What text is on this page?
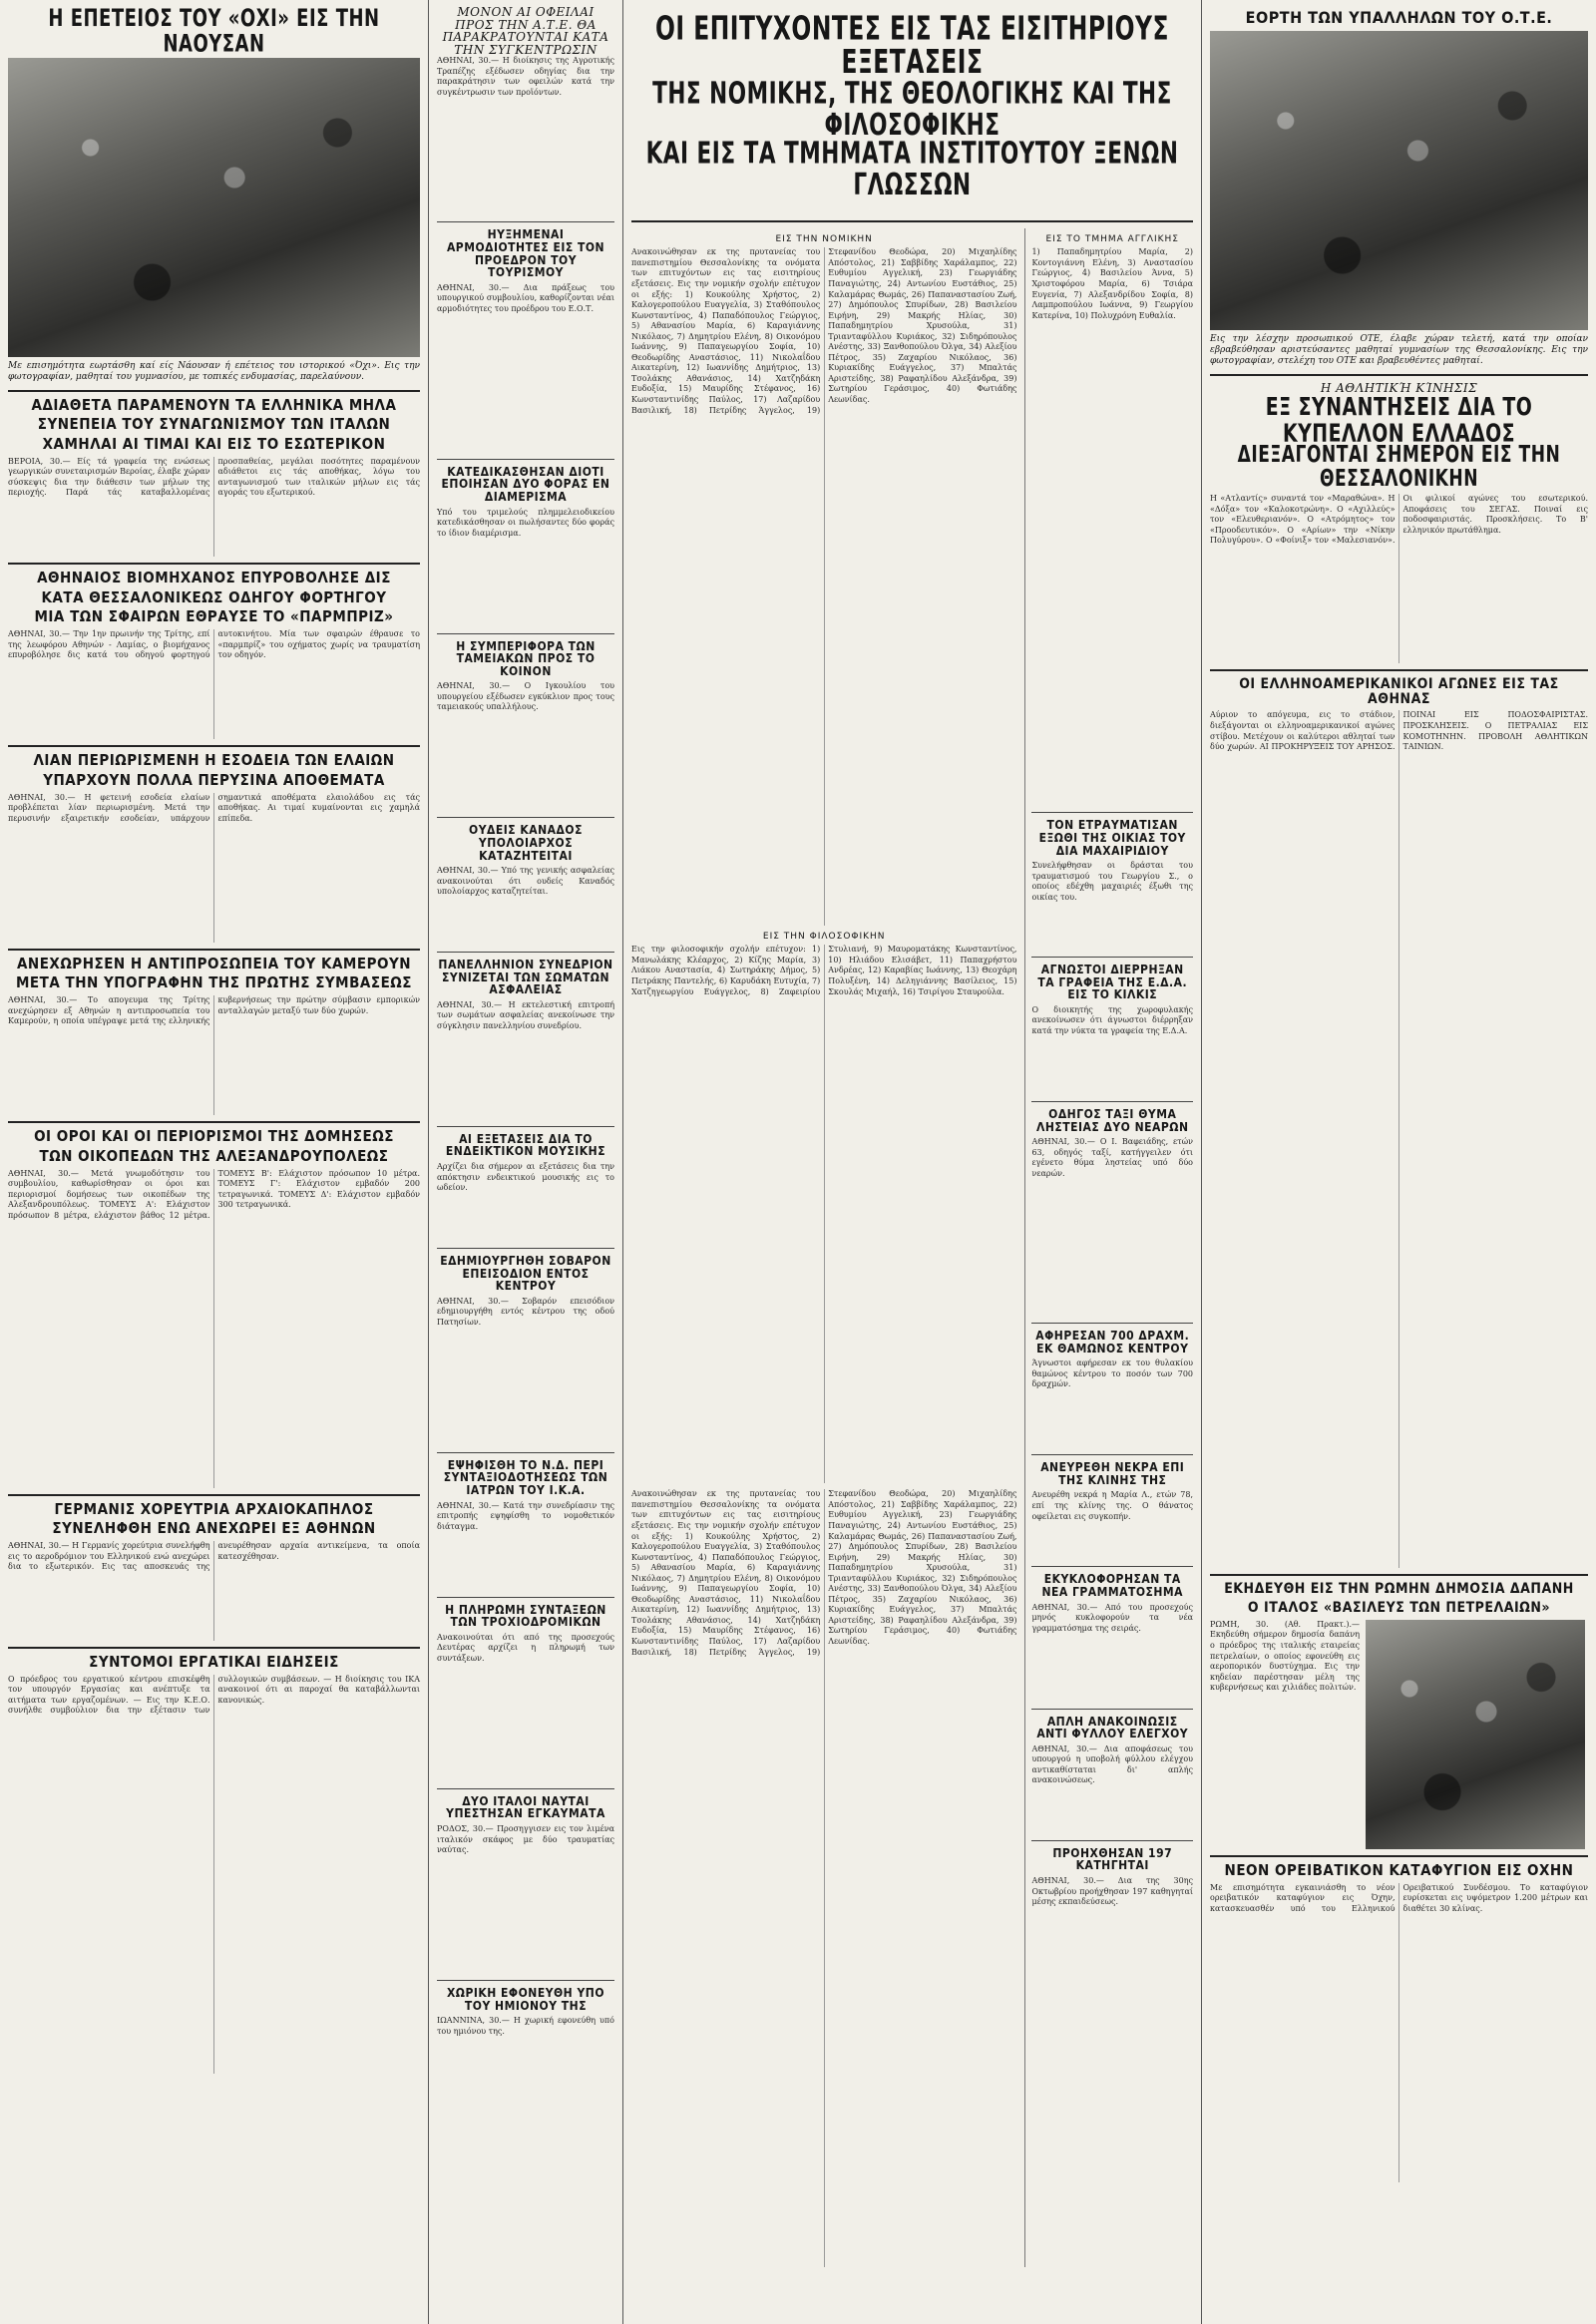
Η ΕΠΕΤΕΙΟΣ ΤΟΥ «ΟΧΙ» ΕΙΣ ΤΗΝ ΝΑΟΥΣΑΝ
Με επισημότητα εωρτάσθη καί είς Νάουσαν ή επέτειος του ιστορικού «Όχι». Εις την φωτογραφίαν, μαθηταί του γυμνασίου, με τοπικές ενδυμασίας, παρελαύνουν.
ΑΔΙΑΘΕΤΑ ΠΑΡΑΜΕΝΟΥΝ ΤΑ ΕΛΛΗΝΙΚΑ ΜΗΛΑ
ΣΥΝΕΠΕΙΑ ΤΟΥ ΣΥΝΑΓΩΝΙΣΜΟΥ ΤΩΝ ΙΤΑΛΩΝ
ΧΑΜΗΛΑΙ ΑΙ ΤΙΜΑΙ ΚΑΙ ΕΙΣ ΤΟ ΕΣΩΤΕΡΙΚΟΝ
ΒΕΡΟΙΑ, 30.— Είς τά γραφεία της ενώσεως γεωργικών συνεταιρισμών Βεροίας, έλαβε χώραν σύσκεψις δια την διάθεσιν των μήλων της περιοχής. Παρά τάς καταβαλλομένας προσπαθείας, μεγάλαι ποσότητες παραμένουν αδιάθετοι εις τάς αποθήκας, λόγω του ανταγωνισμού των ιταλικών μήλων εις τάς αγοράς του εξωτερικού.
ΑΘΗΝΑΙΟΣ ΒΙΟΜΗΧΑΝΟΣ ΕΠΥΡΟΒΟΛΗΣΕ ΔΙΣ
ΚΑΤΑ ΘΕΣΣΑΛΟΝΙΚΕΩΣ ΟΔΗΓΟΥ ΦΟΡΤΗΓΟΥ
ΜΙΑ ΤΩΝ ΣΦΑΙΡΩΝ ΕΘΡΑΥΣΕ ΤΟ «ΠΑΡΜΠΡΙΖ»
ΑΘΗΝΑΙ, 30.— Την 1ην πρωινήν της Τρίτης, επί της λεωφόρου Αθηνών - Λαμίας, ο βιομήχανος επυροβόλησε δις κατά του οδηγού φορτηγού αυτοκινήτου. Μία των σφαιρών έθραυσε το «παρμπρίζ» του οχήματος χωρίς να τραυματίση τον οδηγόν.
ΛΙΑΝ ΠΕΡΙΩΡΙΣΜΕΝΗ Η ΕΣΟΔΕΙΑ ΤΩΝ ΕΛΑΙΩΝ
ΥΠΑΡΧΟΥΝ ΠΟΛΛΑ ΠΕΡΥΣΙΝΑ ΑΠΟΘΕΜΑΤΑ
ΑΘΗΝΑΙ, 30.— Η φετεινή εσοδεία ελαίων προβλέπεται λίαν περιωρισμένη. Μετά την περυσινήν εξαιρετικήν εσοδείαν, υπάρχουν σημαντικά αποθέματα ελαιολάδου εις τάς αποθήκας. Αι τιμαί κυμαίνονται εις χαμηλά επίπεδα.
ΑΝΕΧΩΡΗΣΕΝ Η ΑΝΤΙΠΡΟΣΩΠΕΙΑ ΤΟΥ ΚΑΜΕΡΟΥΝ
ΜΕΤΑ ΤΗΝ ΥΠΟΓΡΑΦΗΝ ΤΗΣ ΠΡΩΤΗΣ ΣΥΜΒΑΣΕΩΣ
ΑΘΗΝΑΙ, 30.— Το απογευμα της Τρίτης ανεχώρησεν εξ Αθηνών η αντιπροσωπεία του Καμερούν, η οποία υπέγραψε μετά της ελληνικής κυβερνήσεως την πρώτην σύμβασιν εμπορικών ανταλλαγών μεταξύ των δύο χωρών.
ΟΙ ΟΡΟΙ ΚΑΙ ΟΙ ΠΕΡΙΟΡΙΣΜΟΙ ΤΗΣ ΔΟΜΗΣΕΩΣ
ΤΩΝ ΟΙΚΟΠΕΔΩΝ ΤΗΣ ΑΛΕΞΑΝΔΡΟΥΠΟΛΕΩΣ
ΑΘΗΝΑΙ, 30.— Μετά γνωμοδότησιν του συμβουλίου, καθωρίσθησαν οι όροι και περιορισμοί δομήσεως των οικοπέδων της Αλεξανδρουπόλεως. ΤΟΜΕΥΣ Α': Ελάχιστον πρόσωπον 8 μέτρα, ελάχιστον βάθος 12 μέτρα. ΤΟΜΕΥΣ Β': Ελάχιστον πρόσωπον 10 μέτρα. ΤΟΜΕΥΣ Γ': Ελάχιστον εμβαδόν 200 τετραγωνικά. ΤΟΜΕΥΣ Δ': Ελάχιστον εμβαδόν 300 τετραγωνικά.
ΓΕΡΜΑΝΙΣ ΧΟΡΕΥΤΡΙΑ ΑΡΧΑΙΟΚΑΠΗΛΟΣ
ΣΥΝΕΛΗΦΘΗ ΕΝΩ ΑΝΕΧΩΡΕΙ ΕΞ ΑΘΗΝΩΝ
ΑΘΗΝΑΙ, 30.— Η Γερμανίς χορεύτρια συνελήφθη εις το αεροδρόμιον του Ελληνικού ενώ ανεχώρει δια το εξωτερικόν. Εις τας αποσκευάς της ανευρέθησαν αρχαία αντικείμενα, τα οποία κατεσχέθησαν.
ΣΥΝΤΟΜΟΙ ΕΡΓΑΤΙΚΑΙ ΕΙΔΗΣΕΙΣ
Ο πρόεδρος του εργατικού κέντρου επισκέφθη τον υπουργόν Εργασίας και ανέπτυξε τα αιτήματα των εργαζομένων. — Εις την Κ.Ε.Ο. συνήλθε συμβούλιον δια την εξέτασιν των συλλογικών συμβάσεων. — Η διοίκησις του ΙΚΑ ανακοινοί ότι αι παροχαί θα καταβάλλωνται κανονικώς.
ΜΟΝΟΝ ΑΙ ΟΦΕΙΛΑΙ ΠΡΟΣ ΤΗΝ Α.Τ.Ε. ΘΑ ΠΑΡΑΚΡΑΤΟΥΝΤΑΙ ΚΑΤΑ ΤΗΝ ΣΥΓΚΕΝΤΡΩΣΙΝ
ΑΘΗΝΑΙ, 30.— Η διοίκησις της Αγροτικής Τραπέζης εξέδωσεν οδηγίας δια την παρακράτησιν των οφειλών κατά την συγκέντρωσιν των προϊόντων.
ΗΥΞΗΜΕΝΑΙ ΑΡΜΟΔΙΟΤΗΤΕΣ ΕΙΣ ΤΟΝ ΠΡΟΕΔΡΟΝ ΤΟΥ ΤΟΥΡΙΣΜΟΥ
ΑΘΗΝΑΙ, 30.— Δια πράξεως του υπουργικού συμβουλίου, καθορίζονται νέαι αρμοδιότητες του προέδρου του Ε.Ο.Τ.
ΚΑΤΕΔΙΚΑΣΘΗΣΑΝ ΔΙΟΤΙ ΕΠΟΙΗΣΑΝ ΔΥΟ ΦΟΡΑΣ ΕΝ ΔΙΑΜΕΡΙΣΜΑ
Υπό του τριμελούς πλημμελειοδικείου κατεδικάσθησαν οι πωλήσαντες δύο φοράς το ίδιον διαμέρισμα.
Η ΣΥΜΠΕΡΙΦΟΡΑ ΤΩΝ ΤΑΜΕΙΑΚΩΝ ΠΡΟΣ ΤΟ ΚΟΙΝΟΝ
ΑΘΗΝΑΙ, 30.— Ο Ιγκουλίου του υπουργείου εξέδωσεν εγκύκλιον προς τους ταμειακούς υπαλλήλους.
ΟΥΔΕΙΣ ΚΑΝΑΔΟΣ ΥΠΟΛΟΙΑΡΧΟΣ ΚΑΤΑΖΗΤΕΙΤΑΙ
ΑΘΗΝΑΙ, 30.— Υπό της γενικής ασφαλείας ανακοινούται ότι ουδείς Καναδός υπολοίαρχος καταζητείται.
ΠΑΝΕΛΛΗΝΙΟΝ ΣΥΝΕΔΡΙΟΝ ΣΥΝΙΖΕΤΑΙ ΤΩΝ ΣΩΜΑΤΩΝ ΑΣΦΑΛΕΙΑΣ
ΑΘΗΝΑΙ, 30.— Η εκτελεστική επιτροπή των σωμάτων ασφαλείας ανεκοίνωσε την σύγκλησιν πανελληνίου συνεδρίου.
ΑΙ ΕΞΕΤΑΣΕΙΣ ΔΙΑ ΤΟ ΕΝΔΕΙΚΤΙΚΟΝ ΜΟΥΣΙΚΗΣ
Αρχίζει δια σήμερον αι εξετάσεις δια την απόκτησιν ενδεικτικού μουσικής εις το ωδείον.
ΕΔΗΜΙΟΥΡΓΗΘΗ ΣΟΒΑΡΟΝ ΕΠΕΙΣΟΔΙΟΝ ΕΝΤΟΣ ΚΕΝΤΡΟΥ
ΑΘΗΝΑΙ, 30.— Σοβαρόν επεισόδιον εδημιουργήθη εντός κέντρου της οδού Πατησίων.
ΕΨΗΦΙΣΘΗ ΤΟ Ν.Δ. ΠΕΡΙ ΣΥΝΤΑΞΙΟΔΟΤΗΣΕΩΣ ΤΩΝ ΙΑΤΡΩΝ ΤΟΥ Ι.Κ.Α.
ΑΘΗΝΑΙ, 30.— Κατά την συνεδρίασιν της επιτροπής εψηφίσθη το νομοθετικόν διάταγμα.
Η ΠΛΗΡΩΜΗ ΣΥΝΤΑΞΕΩΝ ΤΩΝ ΤΡΟΧΙΟΔΡΟΜΙΚΩΝ
Ανακοινούται ότι από της προσεχούς Δευτέρας αρχίζει η πληρωμή των συντάξεων.
ΔΥΟ ΙΤΑΛΟΙ ΝΑΥΤΑΙ ΥΠΕΣΤΗΣΑΝ ΕΓΚΑΥΜΑΤΑ
ΡΟΔΟΣ, 30.— Προσηγγισεν εις τον λιμένα ιταλικόν σκάφος με δύο τραυματίας ναύτας.
ΧΩΡΙΚΗ ΕΦΟΝΕΥΘΗ ΥΠΟ ΤΟΥ ΗΜΙΟΝΟΥ ΤΗΣ
ΙΩΑΝΝΙΝΑ, 30.— Η χωρική εφονεύθη υπό του ημιόνου της.
ΟΙ ΕΠΙΤΥΧΟΝΤΕΣ ΕΙΣ ΤΑΣ ΕΙΣΙΤΗΡΙΟΥΣ ΕΞΕΤΑΣΕΙΣ
ΤΗΣ ΝΟΜΙΚΗΣ, ΤΗΣ ΘΕΟΛΟΓΙΚΗΣ ΚΑΙ ΤΗΣ ΦΙΛΟΣΟΦΙΚΗΣ
ΚΑΙ ΕΙΣ ΤΑ ΤΜΗΜΑΤΑ ΙΝΣΤΙΤΟΥΤΟΥ ΞΕΝΩΝ ΓΛΩΣΣΩΝ
ΕΙΣ ΤΗΝ ΝΟΜΙΚΗΝ
Ανακοινώθησαν εκ της πρυτανείας του πανεπιστημίου Θεσσαλονίκης τα ονόματα των επιτυχόντων εις τας εισιτηρίους εξετάσεις. Εις την νομικήν σχολήν επέτυχον οι εξής: 1) Κουκούλης Χρήστος, 2) Καλογεροπούλου Ευαγγελία, 3) Σταθόπουλος Κωνσταντίνος, 4) Παπαδόπουλος Γεώργιος, 5) Αθανασίου Μαρία, 6) Καραγιάννης Νικόλαος, 7) Δημητρίου Ελένη, 8) Οικονόμου Ιωάννης, 9) Παπαγεωργίου Σοφία, 10) Θεοδωρίδης Αναστάσιος, 11) Νικολαΐδου Αικατερίνη, 12) Ιωαννίδης Δημήτριος, 13) Τσολάκης Αθανάσιος, 14) Χατζηδάκη Ευδοξία, 15) Μαυρίδης Στέφανος, 16) Κωνσταντινίδης Παύλος, 17) Λαζαρίδου Βασιλική, 18) Πετρίδης Άγγελος, 19) Στεφανίδου Θεοδώρα, 20) Μιχαηλίδης Απόστολος, 21) Σαββίδης Χαράλαμπος, 22) Ευθυμίου Αγγελική, 23) Γεωργιάδης Παναγιώτης, 24) Αντωνίου Ευστάθιος, 25) Καλαμάρας Θωμάς, 26) Παπαναστασίου Ζωή, 27) Δημόπουλος Σπυρίδων, 28) Βασιλείου Ειρήνη, 29) Μακρής Ηλίας, 30) Παπαδημητρίου Χρυσούλα, 31) Τριανταφύλλου Κυριάκος, 32) Σιδηρόπουλος Ανέστης, 33) Ξανθοπούλου Όλγα, 34) Αλεξίου Πέτρος, 35) Ζαχαρίου Νικόλαος, 36) Κυριακίδης Ευάγγελος, 37) Μπαλτάς Αριστείδης, 38) Ραφαηλίδου Αλεξάνδρα, 39) Σωτηρίου Γεράσιμος, 40) Φωτιάδης Λεωνίδας.
ΕΙΣ ΤΗΝ ΦΙΛΟΣΟΦΙΚΗΝ
Εις την φιλοσοφικήν σχολήν επέτυχον: 1) Μανωλάκης Κλέαρχος, 2) Κίζης Μαρία, 3) Λιάκου Αναστασία, 4) Σωτηράκης Δήμος, 5) Πετράκης Παντελής, 6) Καρυδάκη Ευτυχία, 7) Χατζηγεωργίου Ευάγγελος, 8) Ζαφειρίου Στυλιανή, 9) Μαυροματάκης Κωνσταντίνος, 10) Ηλιάδου Ελισάβετ, 11) Παπαχρήστου Ανδρέας, 12) Καραβίας Ιωάννης, 13) Θεοχάρη Πολυξένη, 14) Δεληγιάννης Βασίλειος, 15) Σκουλάς Μιχαήλ, 16) Τσιρίγου Σταυρούλα.
Ανακοινώθησαν εκ της πρυτανείας του πανεπιστημίου Θεσσαλονίκης τα ονόματα των επιτυχόντων εις τας εισιτηρίους εξετάσεις. Εις την νομικήν σχολήν επέτυχον οι εξής: 1) Κουκούλης Χρήστος, 2) Καλογεροπούλου Ευαγγελία, 3) Σταθόπουλος Κωνσταντίνος, 4) Παπαδόπουλος Γεώργιος, 5) Αθανασίου Μαρία, 6) Καραγιάννης Νικόλαος, 7) Δημητρίου Ελένη, 8) Οικονόμου Ιωάννης, 9) Παπαγεωργίου Σοφία, 10) Θεοδωρίδης Αναστάσιος, 11) Νικολαΐδου Αικατερίνη, 12) Ιωαννίδης Δημήτριος, 13) Τσολάκης Αθανάσιος, 14) Χατζηδάκη Ευδοξία, 15) Μαυρίδης Στέφανος, 16) Κωνσταντινίδης Παύλος, 17) Λαζαρίδου Βασιλική, 18) Πετρίδης Άγγελος, 19) Στεφανίδου Θεοδώρα, 20) Μιχαηλίδης Απόστολος, 21) Σαββίδης Χαράλαμπος, 22) Ευθυμίου Αγγελική, 23) Γεωργιάδης Παναγιώτης, 24) Αντωνίου Ευστάθιος, 25) Καλαμάρας Θωμάς, 26) Παπαναστασίου Ζωή, 27) Δημόπουλος Σπυρίδων, 28) Βασιλείου Ειρήνη, 29) Μακρής Ηλίας, 30) Παπαδημητρίου Χρυσούλα, 31) Τριανταφύλλου Κυριάκος, 32) Σιδηρόπουλος Ανέστης, 33) Ξανθοπούλου Όλγα, 34) Αλεξίου Πέτρος, 35) Ζαχαρίου Νικόλαος, 36) Κυριακίδης Ευάγγελος, 37) Μπαλτάς Αριστείδης, 38) Ραφαηλίδου Αλεξάνδρα, 39) Σωτηρίου Γεράσιμος, 40) Φωτιάδης Λεωνίδας.
ΕΙΣ ΤΟ ΤΜΗΜΑ ΑΓΓΛΙΚΗΣ
1) Παπαδημητρίου Μαρία, 2) Κοντογιάννη Ελένη, 3) Αναστασίου Γεώργιος, 4) Βασιλείου Άννα, 5) Χριστοφόρου Μαρία, 6) Τσιάρα Ευγενία, 7) Αλεξανδρίδου Σοφία, 8) Λαμπροπούλου Ιωάννα, 9) Γεωργίου Κατερίνα, 10) Πολυχρόνη Ευθαλία.
ΤΟΝ ΕΤΡΑΥΜΑΤΙΣΑΝ ΕΞΩΘΙ ΤΗΣ ΟΙΚΙΑΣ ΤΟΥ ΔΙΑ ΜΑΧΑΙΡΙΔΙΟΥ
Συνελήφθησαν οι δράσται του τραυματισμού του Γεωργίου Σ., ο οποίος εδέχθη μαχαιριές έξωθι της οικίας του.
ΑΓΝΩΣΤΟΙ ΔΙΕΡΡΗΞΑΝ ΤΑ ΓΡΑΦΕΙΑ ΤΗΣ Ε.Δ.Α. ΕΙΣ ΤΟ ΚΙΛΚΙΣ
Ο διοικητής της χωροφυλακής ανεκοίνωσεν ότι άγνωστοι διέρρηξαν κατά την νύκτα τα γραφεία της Ε.Δ.Α.
ΟΔΗΓΟΣ ΤΑΞΙ ΘΥΜΑ ΛΗΣΤΕΙΑΣ ΔΥΟ ΝΕΑΡΩΝ
ΑΘΗΝΑΙ, 30.— Ο Ι. Βαφειάδης, ετών 63, οδηγός ταξί, κατήγγειλεν ότι εγένετο θύμα ληστείας υπό δύο νεαρών.
ΑΦΗΡΕΣΑΝ 700 ΔΡΑΧΜ. ΕΚ ΘΑΜΩΝΟΣ ΚΕΝΤΡΟΥ
Άγνωστοι αφήρεσαν εκ του θυλακίου θαμώνος κέντρου το ποσόν των 700 δραχμών.
ΑΝΕΥΡΕΘΗ ΝΕΚΡΑ ΕΠΙ ΤΗΣ ΚΛΙΝΗΣ ΤΗΣ
Ανευρέθη νεκρά η Μαρία Λ., ετών 78, επί της κλίνης της. Ο θάνατος οφείλεται εις συγκοπήν.
ΕΚΥΚΛΟΦΟΡΗΣΑΝ ΤΑ ΝΕΑ ΓΡΑΜΜΑΤΟΣΗΜΑ
ΑΘΗΝΑΙ, 30.— Από του προσεχούς μηνός κυκλοφορούν τα νέα γραμματόσημα της σειράς.
ΑΠΛΗ ΑΝΑΚΟΙΝΩΣΙΣ ΑΝΤΙ ΦΥΛΛΟΥ ΕΛΕΓΧΟΥ
ΑΘΗΝΑΙ, 30.— Δια αποφάσεως του υπουργού η υποβολή φύλλου ελέγχου αντικαθίσταται δι' απλής ανακοινώσεως.
ΠΡΟΗΧΘΗΣΑΝ 197 ΚΑΤΗΓΗΤΑΙ
ΑΘΗΝΑΙ, 30.— Δια της 30ης Οκτωβρίου προήχθησαν 197 καθηγηταί μέσης εκπαιδεύσεως.
ΕΟΡΤΗ ΤΩΝ ΥΠΑΛΛΗΛΩΝ ΤΟΥ Ο.Τ.Ε.
Εις την λέσχην προσωπικού ΟΤΕ, έλαβε χώραν τελετή, κατά την οποίαν εβραβεύθησαν αριστεύσαντες μαθηταί γυμνασίων της Θεσσαλονίκης. Εις την φωτογραφίαν, στελέχη του ΟΤΕ και βραβευθέντες μαθηταί.
Η ΑΘΛΗΤΙΚΉ ΚΊΝΗΣΙΣ
ΕΞ ΣΥΝΑΝΤΗΣΕΙΣ ΔΙΑ ΤΟ ΚΥΠΕΛΛΟΝ ΕΛΛΑΔΟΣ
ΔΙΕΞΑΓΟΝΤΑΙ ΣΗΜΕΡΟΝ ΕΙΣ ΤΗΝ ΘΕΣΣΑΛΟΝΙΚΗΝ
Η «Ατλαντίς» συναντά τον «Μαραθώνα». Η «Δόξα» τον «Καλοκοτρώνη». Ο «Αχιλλεύς» τον «Ελευθεριανόν». Ο «Ατρόμητος» τον «Προοδευτικόν». Ο «Αρίων» την «Νίκην Πολυγύρου». Ο «Φοίνιξ» τον «Μαλεσιανόν». Οι φιλικοί αγώνες του εσωτερικού. Αποφάσεις του ΣΕΓΑΣ. Ποιναί εις ποδοσφαιριστάς. Προσκλήσεις. Το Β' ελληνικόν πρωτάθλημα.
ΟΙ ΕΛΛΗΝΟΑΜΕΡΙΚΑΝΙΚΟΙ ΑΓΩΝΕΣ ΕΙΣ ΤΑΣ ΑΘΗΝΑΣ
Αύριον το απόγευμα, εις το στάδιον, διεξάγονται οι ελληνοαμερικανικοί αγώνες στίβου. Μετέχουν οι καλύτεροι αθληταί των δύο χωρών. ΑΙ ΠΡΟΚΗΡΥΞΕΙΣ ΤΟΥ ΑΡΗΣΟΣ. ΠΟΙΝΑΙ ΕΙΣ ΠΟΔΟΣΦΑΙΡΙΣΤΑΣ. ΠΡΟΣΚΛΗΣΕΙΣ. Ο ΠΕΤΡΑΛΙΑΣ ΕΙΣ ΚΟΜΟΤΗΝΗΝ. ΠΡΟΒΟΛΗ ΑΘΛΗΤΙΚΩΝ ΤΑΙΝΙΩΝ.
ΕΚΗΔΕΥΘΗ ΕΙΣ ΤΗΝ ΡΩΜΗΝ ΔΗΜΟΣΙΑ ΔΑΠΑΝΗ
Ο ΙΤΑΛΟΣ «ΒΑΣΙΛΕΥΣ ΤΩΝ ΠΕΤΡΕΛΑΙΩΝ»
ΡΩΜΗ, 30. (Αθ. Πρακτ.).— Εκηδεύθη σήμερον δημοσία δαπάνη ο πρόεδρος της ιταλικής εταιρείας πετρελαίων, ο οποίος εφονεύθη εις αεροπορικόν δυστύχημα. Εις την κηδείαν παρέστησαν μέλη της κυβερνήσεως και χιλιάδες πολιτών.
ΝΕΟΝ ΟΡΕΙΒΑΤΙΚΟΝ ΚΑΤΑΦΥΓΙΟΝ ΕΙΣ ΟΧΗΝ
Με επισημότητα εγκαινιάσθη το νέον ορειβατικόν καταφύγιον εις Όχην, κατασκευασθέν υπό του Ελληνικού Ορειβατικού Συνδέσμου. Το καταφύγιον ευρίσκεται εις υψόμετρον 1.200 μέτρων και διαθέτει 30 κλίνας.
